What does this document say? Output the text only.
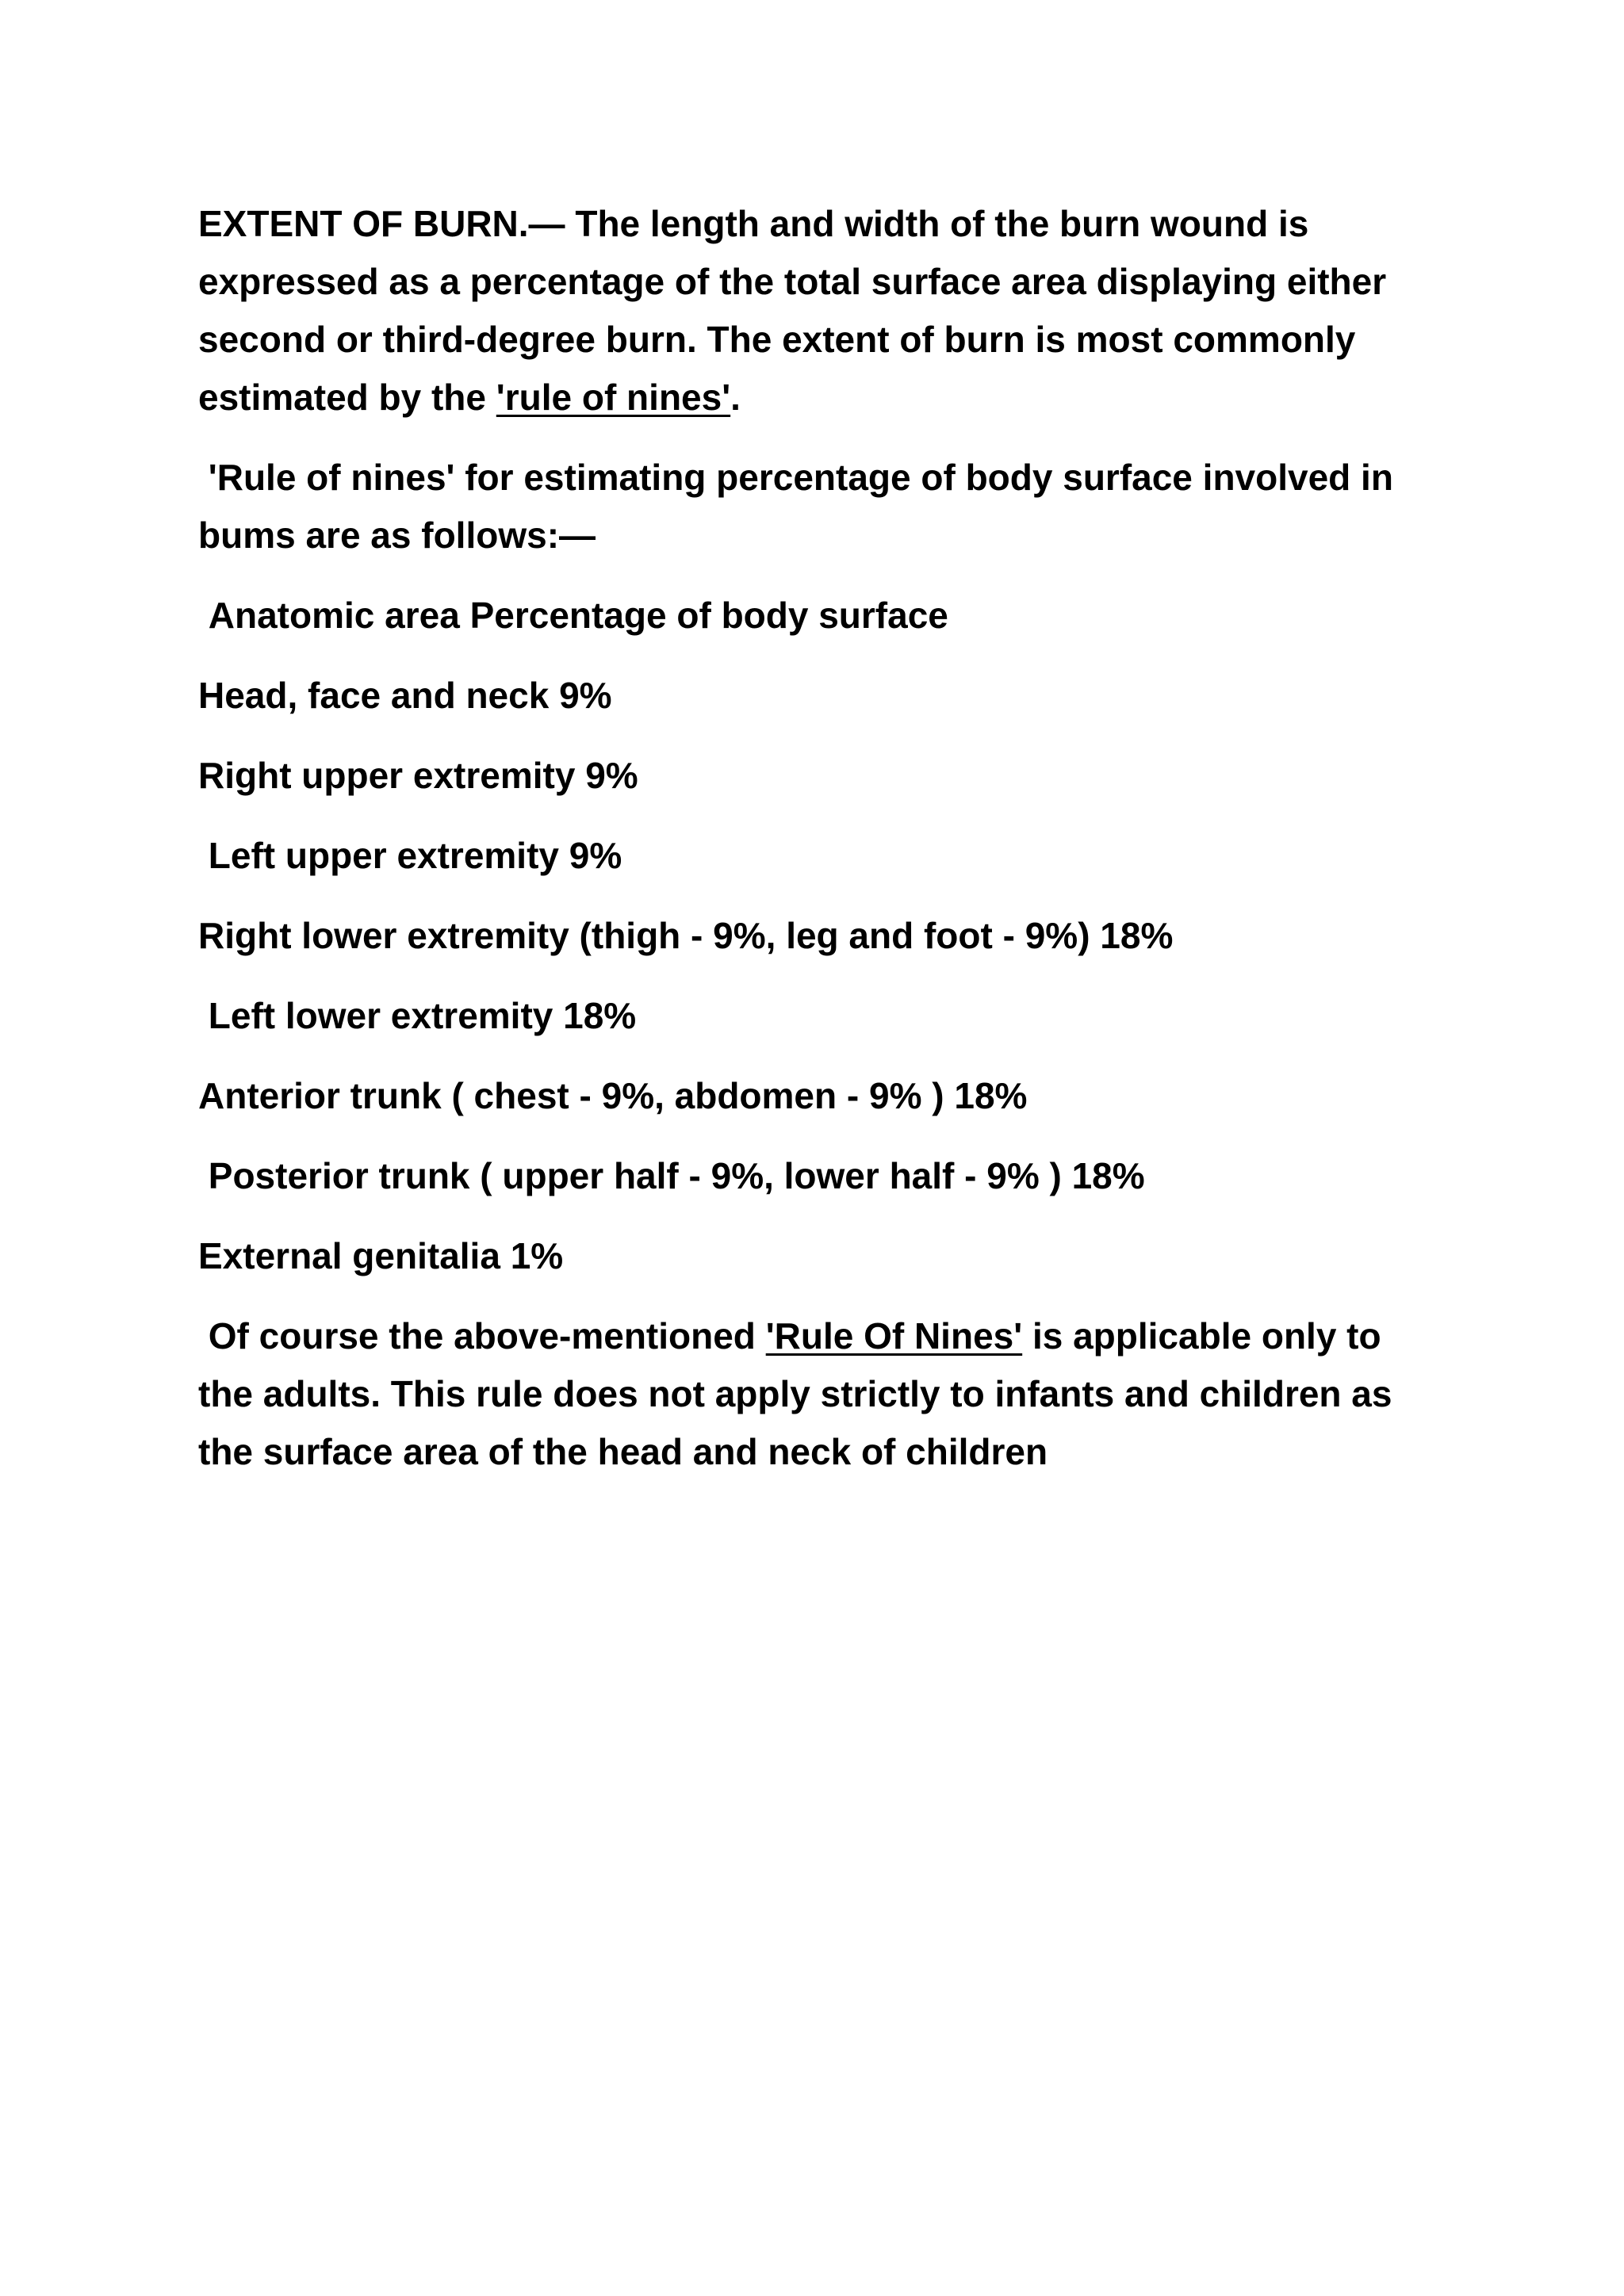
EXTENT OF BURN.— The length and width of the burn wound is expressed as a percentage of the total surface area displaying either second or third-degree burn. The extent of burn is most commonly estimated by the 'rule of nines'.

'Rule of nines' for estimating percentage of body surface involved in bums are as follows:—

Anatomic area Percentage of body surface

Head, face and neck 9%

Right upper extremity 9%

Left upper extremity 9%

Right lower extremity (thigh - 9%, leg and foot - 9%) 18%

Left lower extremity 18%

Anterior trunk ( chest - 9%, abdomen - 9% ) 18%

Posterior trunk ( upper half - 9%, lower half - 9% ) 18%

External genitalia 1%

Of course the above-mentioned 'Rule Of Nines' is applicable only to the adults. This rule does not apply strictly to infants and children as the surface area of the head and neck of children
